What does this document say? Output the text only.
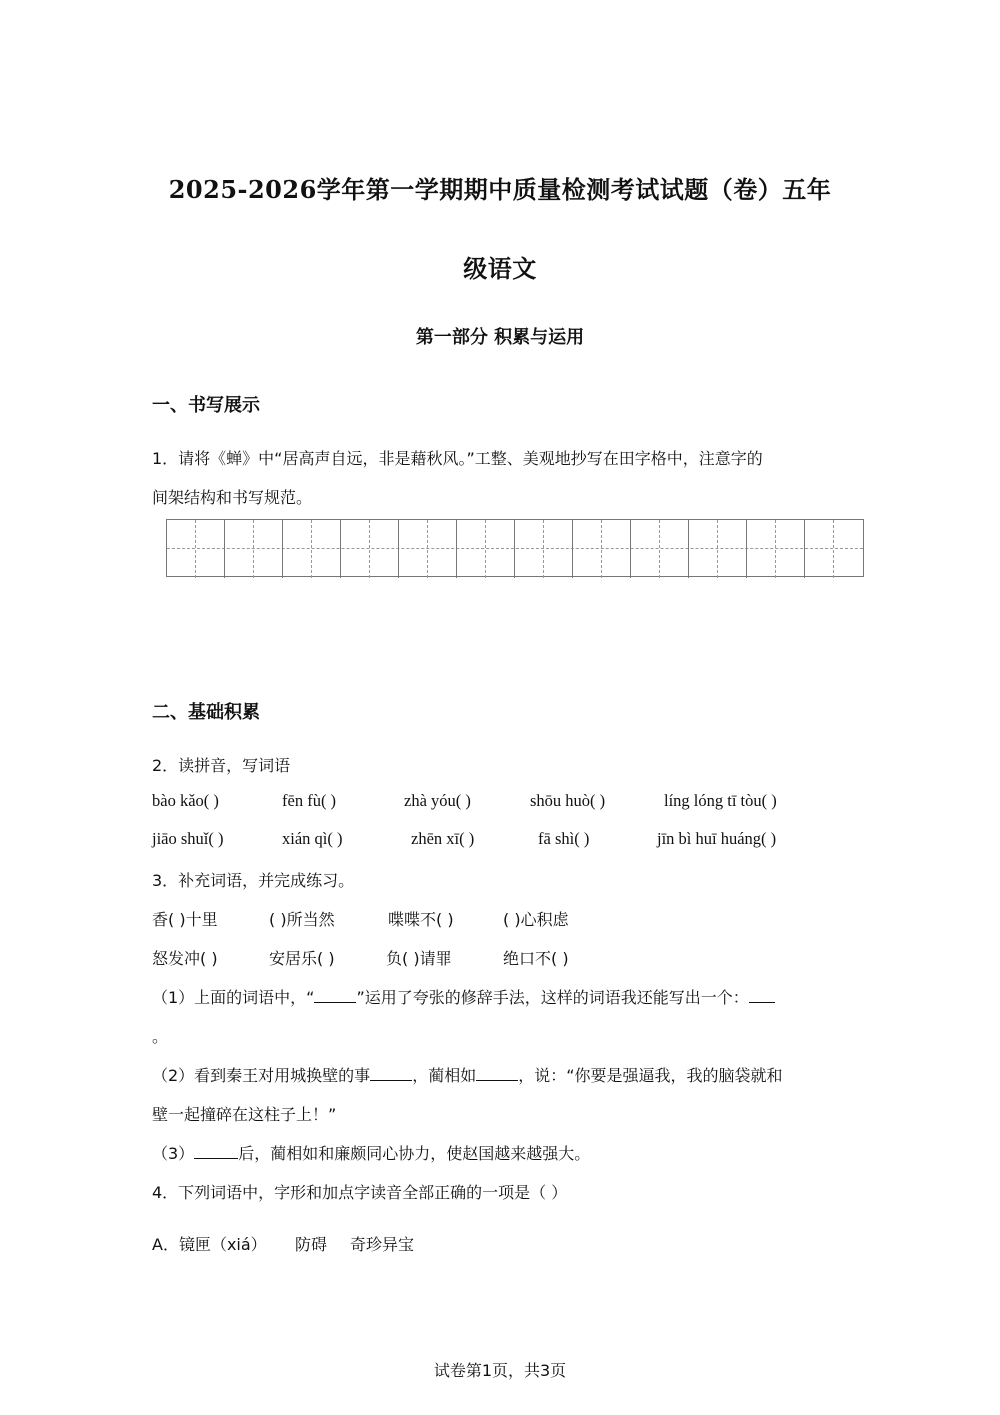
2025-2026学年第一学期期中质量检测考试试题（卷）五年
级语文
第一部分 积累与运用
一、书写展示
1．请将《蝉》中“居高声自远，非是藉秋风。”工整、美观地抄写在田字格中，注意字的
间架结构和书写规范。
二、基础积累
2．读拼音，写词语
bào kǎo( )	fēn fù( )	zhà yóu( )	shōu huò( )	líng lóng tī tòu( )
jiāo shuǐ( )	xián qì( )	zhēn xī( )	fā shì( )	jīn bì huī huáng( )
3．补充词语，并完成练习。
香( )十里	( )所当然	喋喋不( )	( )心积虑
怒发冲( )	安居乐( )	负( )请罪	绝口不( )
（1）上面的词语中，“	”运用了夸张的修辞手法，这样的词语我还能写出一个：
。
（2）看到秦王对用城换壁的事	，蔺相如	，说：“你要是强逼我，我的脑袋就和
壁一起撞碎在这柱子上！”
（3）	后，蔺相如和廉颇同心协力，使赵国越来越强大。
4．下列词语中，字形和加点字读音全部正确的一项是（ ）
A．镜匣（xiá） 防碍 奇珍异宝
试卷第1页，共3页
